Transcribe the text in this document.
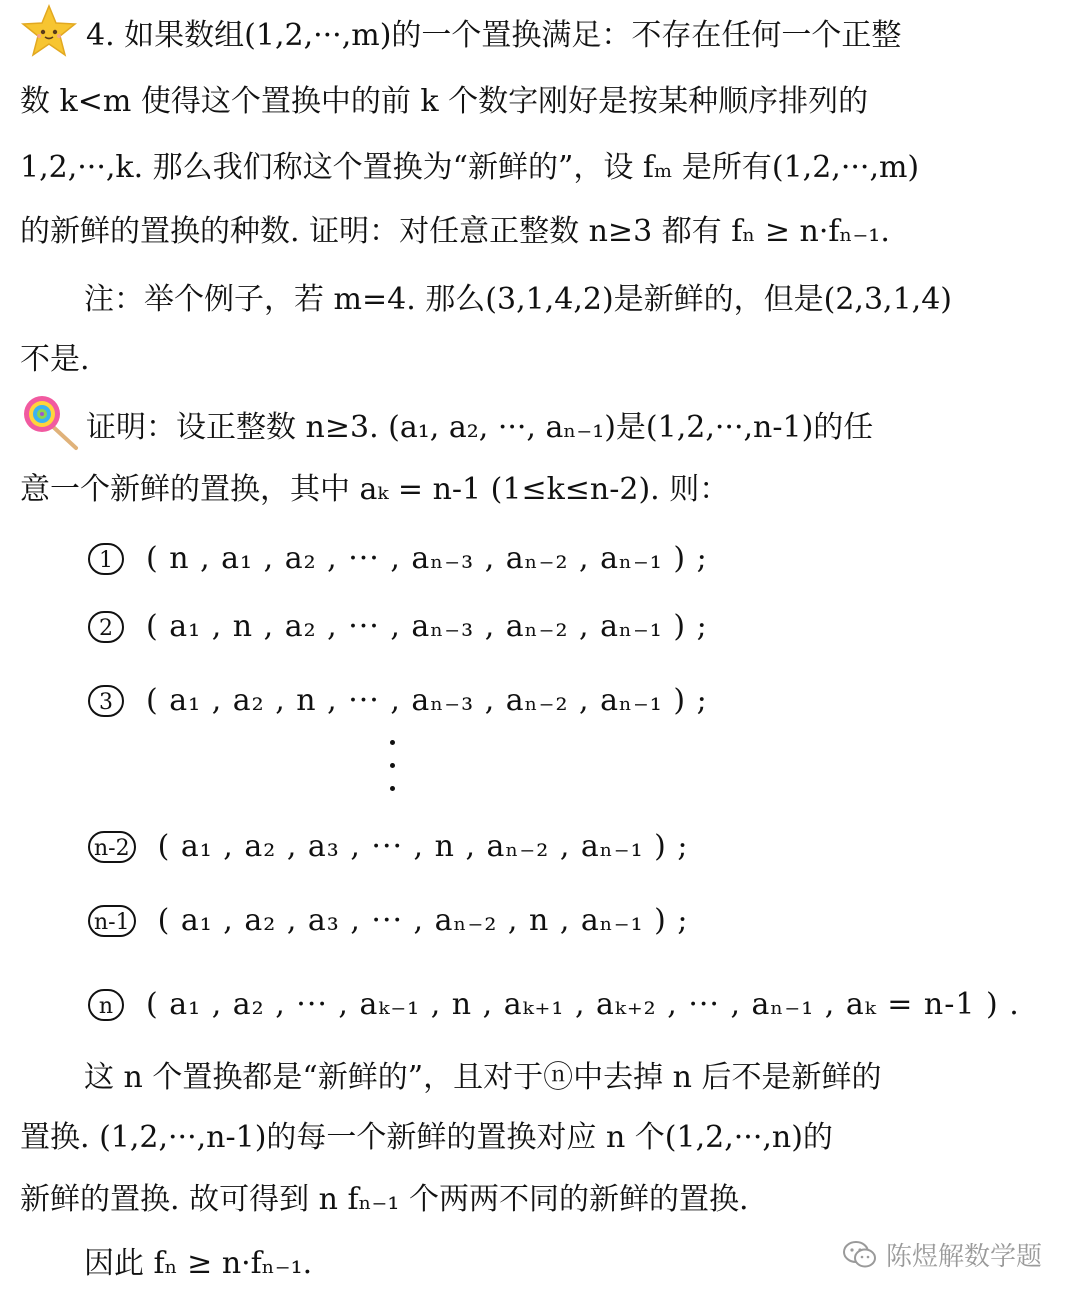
4. 如果数组(1,2,···,m)的一个置换满足：不存在任何一个正整
数 k<m 使得这个置换中的前 k 个数字刚好是按某种顺序排列的
1,2,···,k. 那么我们称这个置换为“新鲜的”，设 fₘ 是所有(1,2,···,m)
的新鲜的置换的种数. 证明：对任意正整数 n≥3 都有 fₙ ≥ n·fₙ₋₁.
注：举个例子，若 m=4. 那么(3,1,4,2)是新鲜的，但是(2,3,1,4)
不是.
证明：设正整数 n≥3. (a₁, a₂, ···, aₙ₋₁)是(1,2,···,n-1)的任
意一个新鲜的置换，其中 aₖ = n-1 (1≤k≤n-2). 则：
1 ( n , a₁ , a₂ , ··· , aₙ₋₃ , aₙ₋₂ , aₙ₋₁ ) ;
2 ( a₁ , n , a₂ , ··· , aₙ₋₃ , aₙ₋₂ , aₙ₋₁ ) ;
3 ( a₁ , a₂ , n , ··· , aₙ₋₃ , aₙ₋₂ , aₙ₋₁ ) ;
n-2 ( a₁ , a₂ , a₃ , ··· , n , aₙ₋₂ , aₙ₋₁ ) ;
n-1 ( a₁ , a₂ , a₃ , ··· , aₙ₋₂ , n , aₙ₋₁ ) ;
n ( a₁ , a₂ , ··· , aₖ₋₁ , n , aₖ₊₁ , aₖ₊₂ , ··· , aₙ₋₁ , aₖ = n-1 ) .
这 n 个置换都是“新鲜的”，且对于ⓝ中去掉 n 后不是新鲜的
置换. (1,2,···,n-1)的每一个新鲜的置换对应 n 个(1,2,···,n)的
新鲜的置换. 故可得到 n fₙ₋₁ 个两两不同的新鲜的置换.
因此 fₙ ≥ n·fₙ₋₁.	陈煜解数学题
